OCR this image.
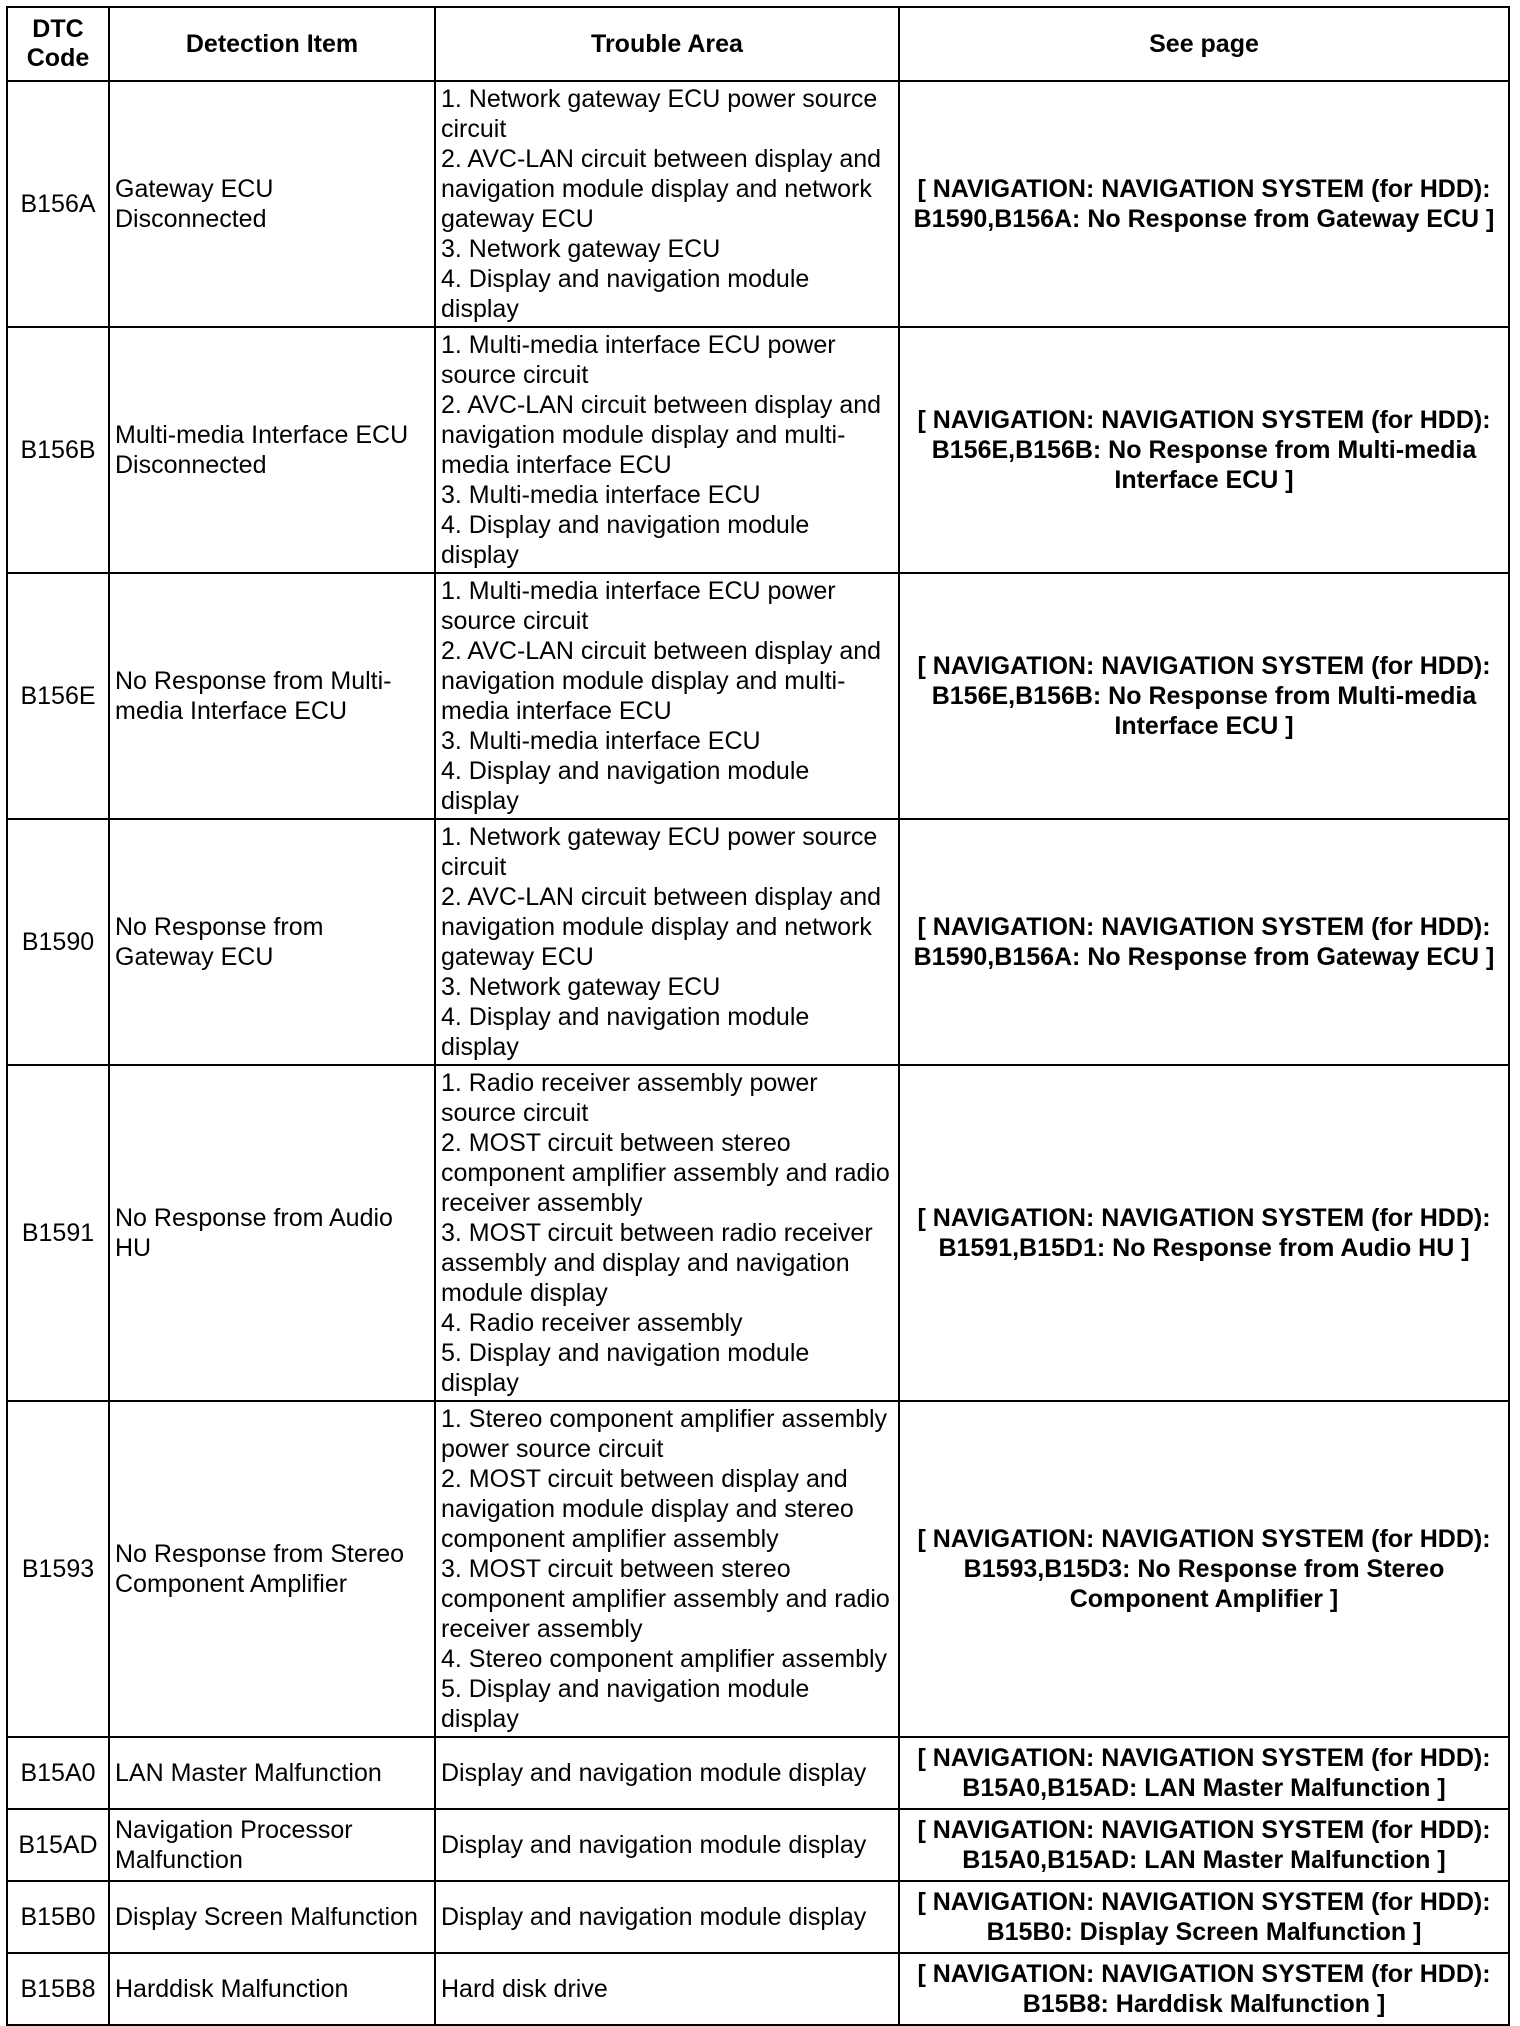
DTC Code	Detection Item	Trouble Area	See page
B156A	Gateway ECU Disconnected	1. Network gateway ECU power source circuit
2. AVC-LAN circuit between display and navigation module display and network gateway ECU
3. Network gateway ECU
4. Display and navigation module display	[ NAVIGATION: NAVIGATION SYSTEM (for HDD): B1590,B156A: No Response from Gateway ECU ]
B156B	Multi-media Interface ECU Disconnected	1. Multi-media interface ECU power source circuit
2. AVC-LAN circuit between display and navigation module display and multi-media interface ECU
3. Multi-media interface ECU
4. Display and navigation module display	[ NAVIGATION: NAVIGATION SYSTEM (for HDD): B156E,B156B: No Response from Multi-media Interface ECU ]
B156E	No Response from Multi-media Interface ECU	1. Multi-media interface ECU power source circuit
2. AVC-LAN circuit between display and navigation module display and multi-media interface ECU
3. Multi-media interface ECU
4. Display and navigation module display	[ NAVIGATION: NAVIGATION SYSTEM (for HDD): B156E,B156B: No Response from Multi-media Interface ECU ]
B1590	No Response from Gateway ECU	1. Network gateway ECU power source circuit
2. AVC-LAN circuit between display and navigation module display and network gateway ECU
3. Network gateway ECU
4. Display and navigation module display	[ NAVIGATION: NAVIGATION SYSTEM (for HDD): B1590,B156A: No Response from Gateway ECU ]
B1591	No Response from Audio HU	1. Radio receiver assembly power source circuit
2. MOST circuit between stereo component amplifier assembly and radio receiver assembly
3. MOST circuit between radio receiver assembly and display and navigation module display
4. Radio receiver assembly
5. Display and navigation module display	[ NAVIGATION: NAVIGATION SYSTEM (for HDD): B1591,B15D1: No Response from Audio HU ]
B1593	No Response from Stereo Component Amplifier	1. Stereo component amplifier assembly power source circuit
2. MOST circuit between display and navigation module display and stereo component amplifier assembly
3. MOST circuit between stereo component amplifier assembly and radio receiver assembly
4. Stereo component amplifier assembly
5. Display and navigation module display	[ NAVIGATION: NAVIGATION SYSTEM (for HDD): B1593,B15D3: No Response from Stereo Component Amplifier ]
B15A0	LAN Master Malfunction	Display and navigation module display	[ NAVIGATION: NAVIGATION SYSTEM (for HDD): B15A0,B15AD: LAN Master Malfunction ]
B15AD	Navigation Processor Malfunction	Display and navigation module display	[ NAVIGATION: NAVIGATION SYSTEM (for HDD): B15A0,B15AD: LAN Master Malfunction ]
B15B0	Display Screen Malfunction	Display and navigation module display	[ NAVIGATION: NAVIGATION SYSTEM (for HDD): B15B0: Display Screen Malfunction ]
B15B8	Harddisk Malfunction	Hard disk drive	[ NAVIGATION: NAVIGATION SYSTEM (for HDD): B15B8: Harddisk Malfunction ]
